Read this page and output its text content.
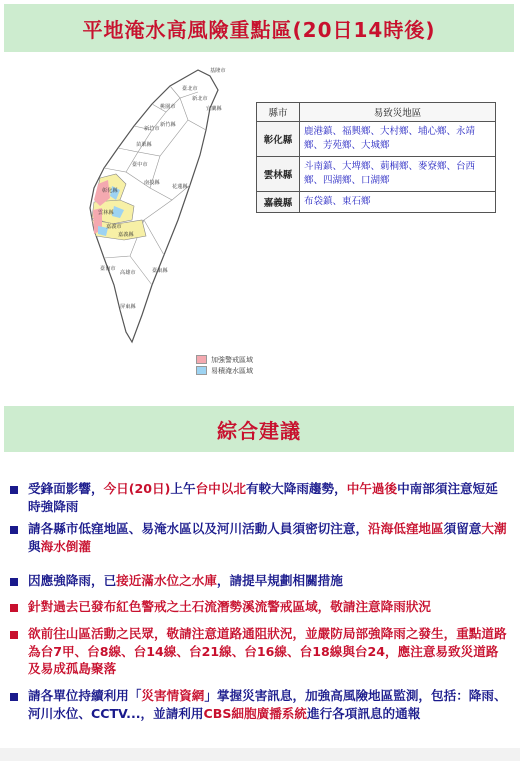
平地淹水高風險重點區(20日14時後)
基隆市
臺北市
新北市
桃園市
新竹縣
新竹市
苗栗縣
臺中市
彰化縣
南投縣
雲林縣
嘉義縣
嘉義市
花蓮縣
臺南市
高雄市	臺東縣
屏東縣
宜蘭縣
加強警戒區域
易積淹水區域
縣市	易致災地區
彰化縣	鹿港鎮、福興鄉、大村鄉、埔心鄉、永靖鄉、芳苑鄉、大城鄉
雲林縣	斗南鎮、大埤鄉、莿桐鄉、麥寮鄉、台西鄉、四湖鄉、口湖鄉
嘉義縣	布袋鎮、東石鄉
綜合建議
受鋒面影響，今日(20日)上午台中以北有較大降雨趨勢，中午過後中南部須注意短延時強降雨
請各縣市低窪地區、易淹水區以及河川活動人員須密切注意，沿海低窪地區須留意大潮與海水倒灌
因應強降雨，已接近滿水位之水庫，請提早規劃相關措施
針對過去已發布紅色警戒之土石流潛勢溪流警戒區域，敬請注意降雨狀況
欲前往山區活動之民眾，敬請注意道路通阻狀況，並嚴防局部強降雨之發生，重點道路為台7甲、台8線、台14線、台21線、台16線、台18線與台24，應注意易致災道路及易成孤島聚落
請各單位持續利用「災害情資網」掌握災害訊息，加強高風險地區監測，包括：降雨、河川水位、CCTV...，並請利用CBS細胞廣播系統進行各項訊息的通報
